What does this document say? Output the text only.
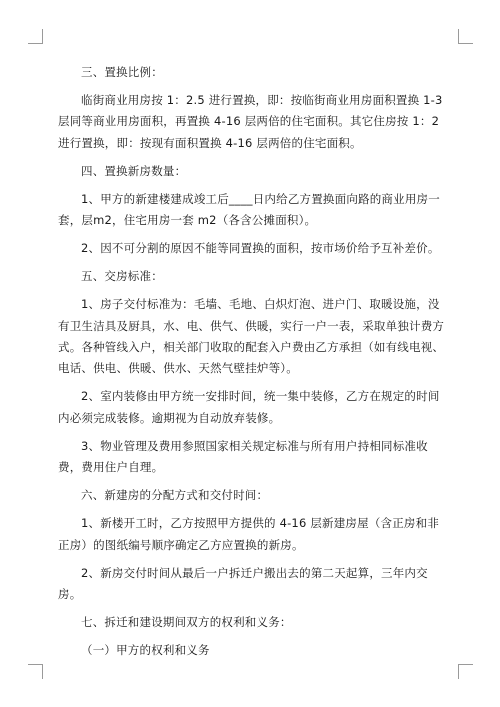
三、置换比例：

临街商业用房按 1：2.5 进行置换，即：按临街商业用房面积置换 1-3 层同等商业用房面积，再置换 4-16 层两倍的住宅面积。其它住房按 1：2 进行置换，即：按现有面积置换 4-16 层两倍的住宅面积。

四、置换新房数量：

1、甲方的新建楼建成竣工后____日内给乙方置换面向路的商业用房一套，层m2，住宅用房一套 m2（各含公摊面积）。

2、因不可分割的原因不能等同置换的面积，按市场价给予互补差价。

五、交房标准：

1、房子交付标准为：毛墙、毛地、白炽灯泡、进户门、取暖设施，没有卫生洁具及厨具，水、电、供气、供暖，实行一户一表，采取单独计费方式。各种管线入户，相关部门收取的配套入户费由乙方承担（如有线电视、电话、供电、供暖、供水、天然气壁挂炉等）。

2、室内装修由甲方统一安排时间，统一集中装修，乙方在规定的时间内必须完成装修。逾期视为自动放弃装修。

3、物业管理及费用参照国家相关规定标准与所有用户持相同标准收费，费用住户自理。

六、新建房的分配方式和交付时间：

1、新楼开工时，乙方按照甲方提供的 4-16 层新建房屋（含正房和非正房）的图纸编号顺序确定乙方应置换的新房。

2、新房交付时间从最后一户拆迁户搬出去的第二天起算，三年内交房。

七、拆迁和建设期间双方的权利和义务：

（一）甲方的权利和义务
